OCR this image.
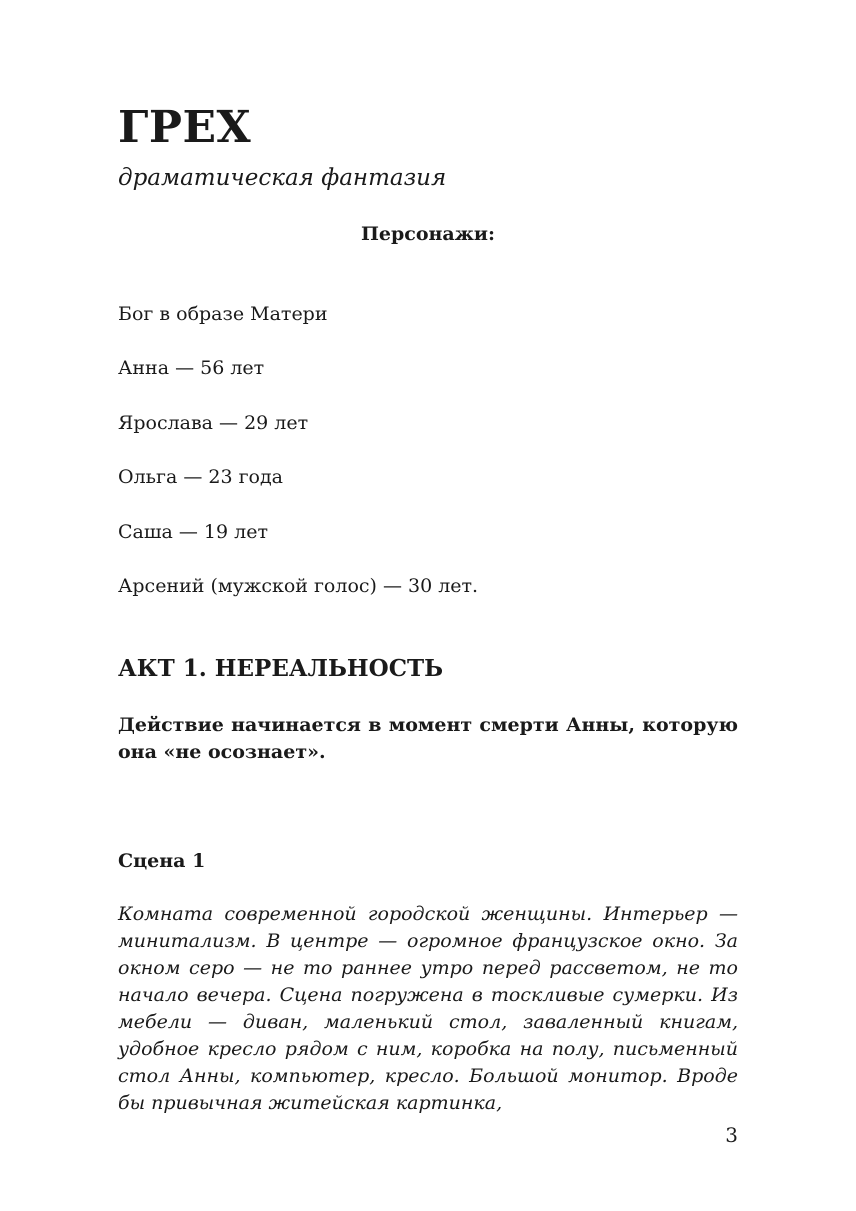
ГРЕХ

драматическая фантазия

Персонажи:
Бог в образе Матери
Анна — 56 лет
Ярослава — 29 лет
Ольга — 23 года
Саша — 19 лет
Арсений (мужской голос) — 30 лет.
АКТ 1. НЕРЕАЛЬНОСТЬ

Действие начинается в момент смерти Анны, которую она «не осознает».

Сцена 1

Комната современной городской женщины. Интерьер — миниmализм. В центре — огромное французское окно. За окном серо — не то раннее утро перед рассветом, не то начало вечера. Сцена погружена в тоскливые сумерки. Из мебели — диван, маленький стол, заваленный книгам, удобное кресло рядом с ним, коробка на полу, письменный стол Анны, компьютер, кресло. Большой монитор. Вроде бы привычная житейская картинка,

3
